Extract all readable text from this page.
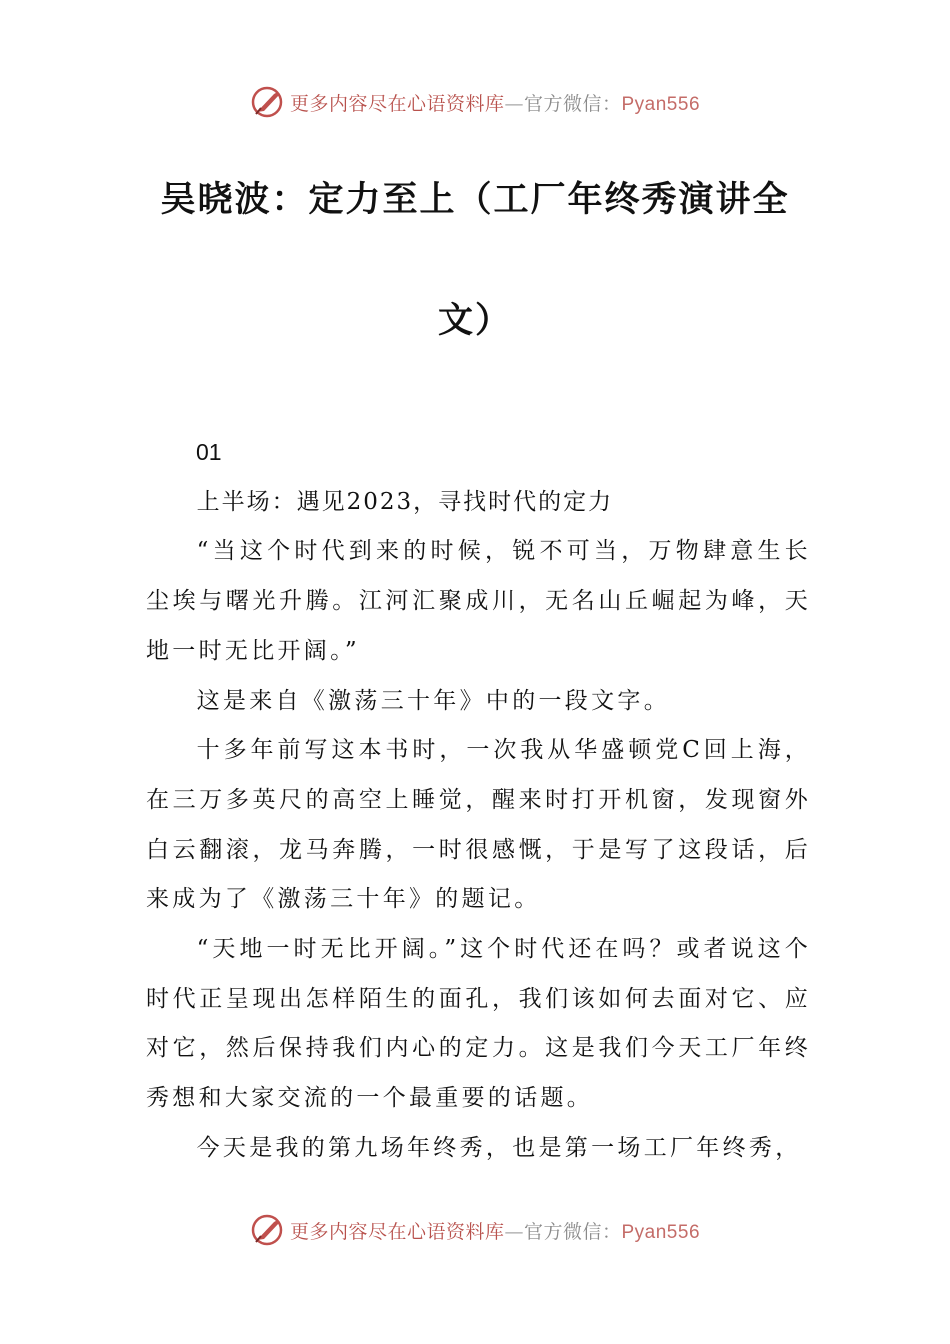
更多内容尽在心语资料库—官方微信：Pyan556
吴晓波：定力至上（工厂年终秀演讲全
文）

01

上半场：遇见2023，寻找时代的定力

“当这个时代到来的时候，锐不可当，万物肆意生长尘埃与曙光升腾。江河汇聚成川，无名山丘崛起为峰，天地一时无比开阔。”

这是来自《激荡三十年》中的一段文字。

十多年前写这本书时，一次我从华盛顿党C回上海，在三万多英尺的高空上睡觉，醒来时打开机窗，发现窗外白云翻滚，龙马奔腾，一时很感慨，于是写了这段话，后来成为了《激荡三十年》的题记。

“天地一时无比开阔。”这个时代还在吗？或者说这个时代正呈现出怎样陌生的面孔，我们该如何去面对它、应对它，然后保持我们内心的定力。这是我们今天工厂年终秀想和大家交流的一个最重要的话题。

今天是我的第九场年终秀，也是第一场工厂年终秀，

更多内容尽在心语资料库—官方微信：Pyan556
